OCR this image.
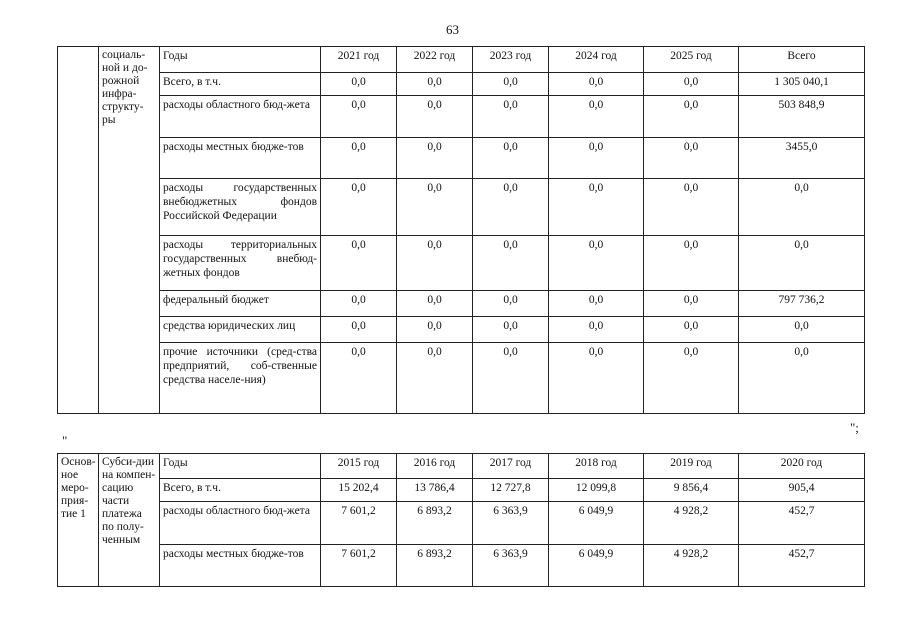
63
	социаль-ной и до-рожной инфра-структу-ры	Годы	2021 год	2022 год	2023 год	2024 год	2025 год	Всего
		Всего, в т.ч.	0,0	0,0	0,0	0,0	0,0	1 305 040,1
		расходы областного бюд-жета	0,0	0,0	0,0	0,0	0,0	503 848,9
		расходы местных бюдже-тов	0,0	0,0	0,0	0,0	0,0	3455,0
		расходы государственных внебюджетных фондов Российской Федерации	0,0	0,0	0,0	0,0	0,0	0,0
		расходы территориальных государственных внебюд-жетных фондов	0,0	0,0	0,0	0,0	0,0	0,0
		федеральный бюджет	0,0	0,0	0,0	0,0	0,0	797 736,2
		средства юридических лиц	0,0	0,0	0,0	0,0	0,0	0,0
		прочие источники (сред-ства предприятий, соб-ственные средства населе-ния)	0,0	0,0	0,0	0,0	0,0	0,0
";
"
Основ-ное меро-прия-тие 1	Субси-дии на компен-сацию части платежа по полу-ченным	Годы	2015 год	2016 год	2017 год	2018 год	2019 год	2020 год
		Всего, в т.ч.	15 202,4	13 786,4	12 727,8	12 099,8	9 856,4	905,4
		расходы областного бюд-жета	7 601,2	6 893,2	6 363,9	6 049,9	4 928,2	452,7
		расходы местных бюдже-тов	7 601,2	6 893,2	6 363,9	6 049,9	4 928,2	452,7
